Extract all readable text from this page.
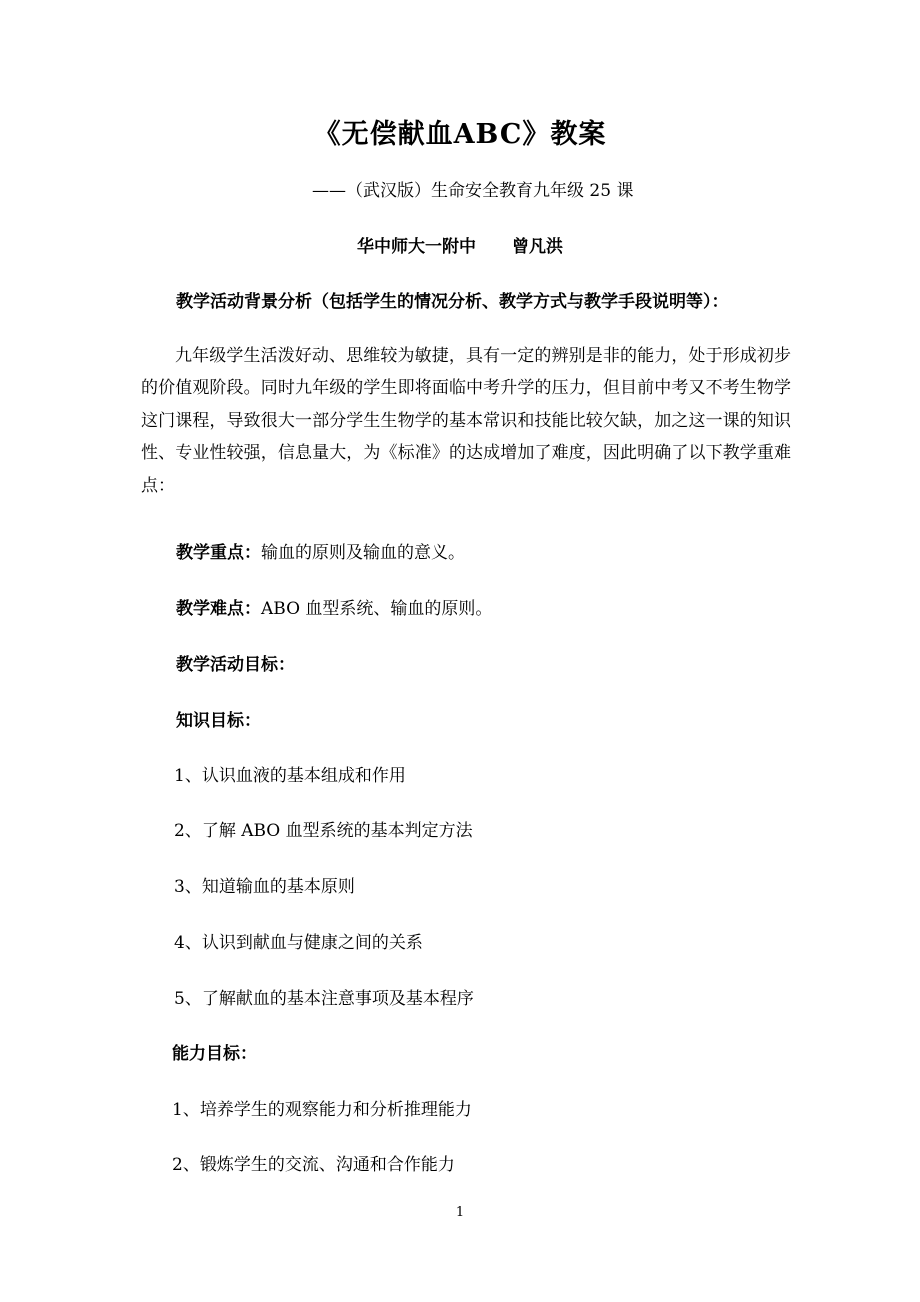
《无偿献血ABC》教案
——（武汉版）生命安全教育九年级 25 课
华中师大一附中 曾凡洪
教学活动背景分析（包括学生的情况分析、教学方式与教学手段说明等）：
九年级学生活泼好动、思维较为敏捷，具有一定的辨别是非的能力，处于形成初步的价值观阶段。同时九年级的学生即将面临中考升学的压力，但目前中考又不考生物学这门课程，导致很大一部分学生生物学的基本常识和技能比较欠缺，加之这一课的知识性、专业性较强，信息量大，为《标准》的达成增加了难度，因此明确了以下教学重难点：
教学重点：输血的原则及输血的意义。
教学难点：ABO 血型系统、输血的原则。
教学活动目标：
知识目标：
1、认识血液的基本组成和作用
2、了解 ABO 血型系统的基本判定方法
3、知道输血的基本原则
4、认识到献血与健康之间的关系
5、了解献血的基本注意事项及基本程序
能力目标：
1、培养学生的观察能力和分析推理能力
2、锻炼学生的交流、沟通和合作能力
1
